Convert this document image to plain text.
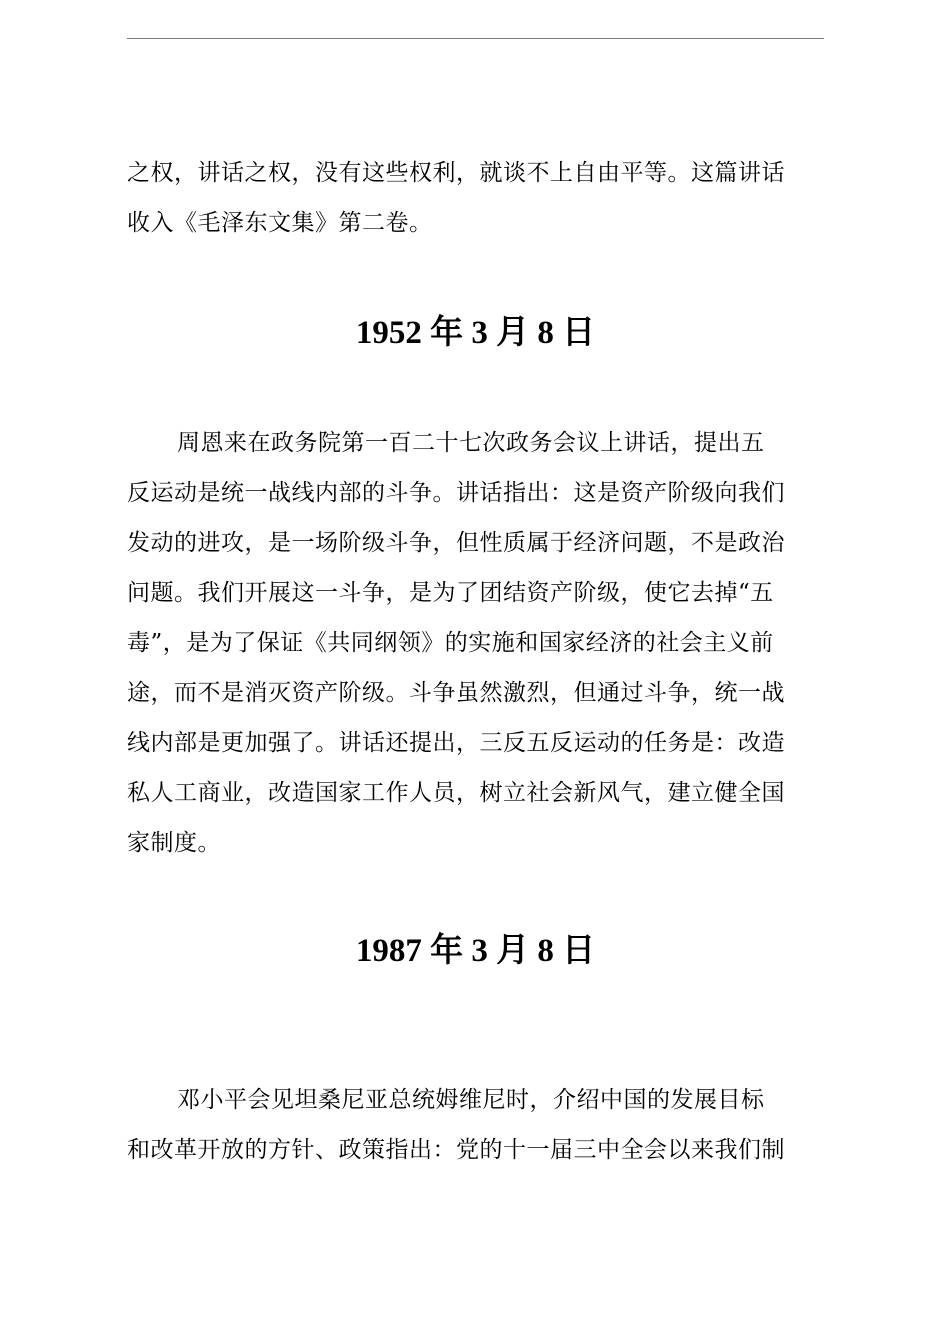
之权，讲话之权，没有这些权利，就谈不上自由平等。这篇讲话
收入《毛泽东文集》第二卷。

1952 年 3 月 8 日

周恩来在政务院第一百二十七次政务会议上讲话，提出五
反运动是统一战线内部的斗争。讲话指出：这是资产阶级向我们
发动的进攻，是一场阶级斗争，但性质属于经济问题，不是政治
问题。我们开展这一斗争，是为了团结资产阶级，使它去掉“五
毒”，是为了保证《共同纲领》的实施和国家经济的社会主义前
途，而不是消灭资产阶级。斗争虽然激烈，但通过斗争，统一战
线内部是更加强了。讲话还提出，三反五反运动的任务是：改造
私人工商业，改造国家工作人员，树立社会新风气，建立健全国
家制度。

1987 年 3 月 8 日

邓小平会见坦桑尼亚总统姆维尼时，介绍中国的发展目标
和改革开放的方针、政策指出：党的十一届三中全会以来我们制
